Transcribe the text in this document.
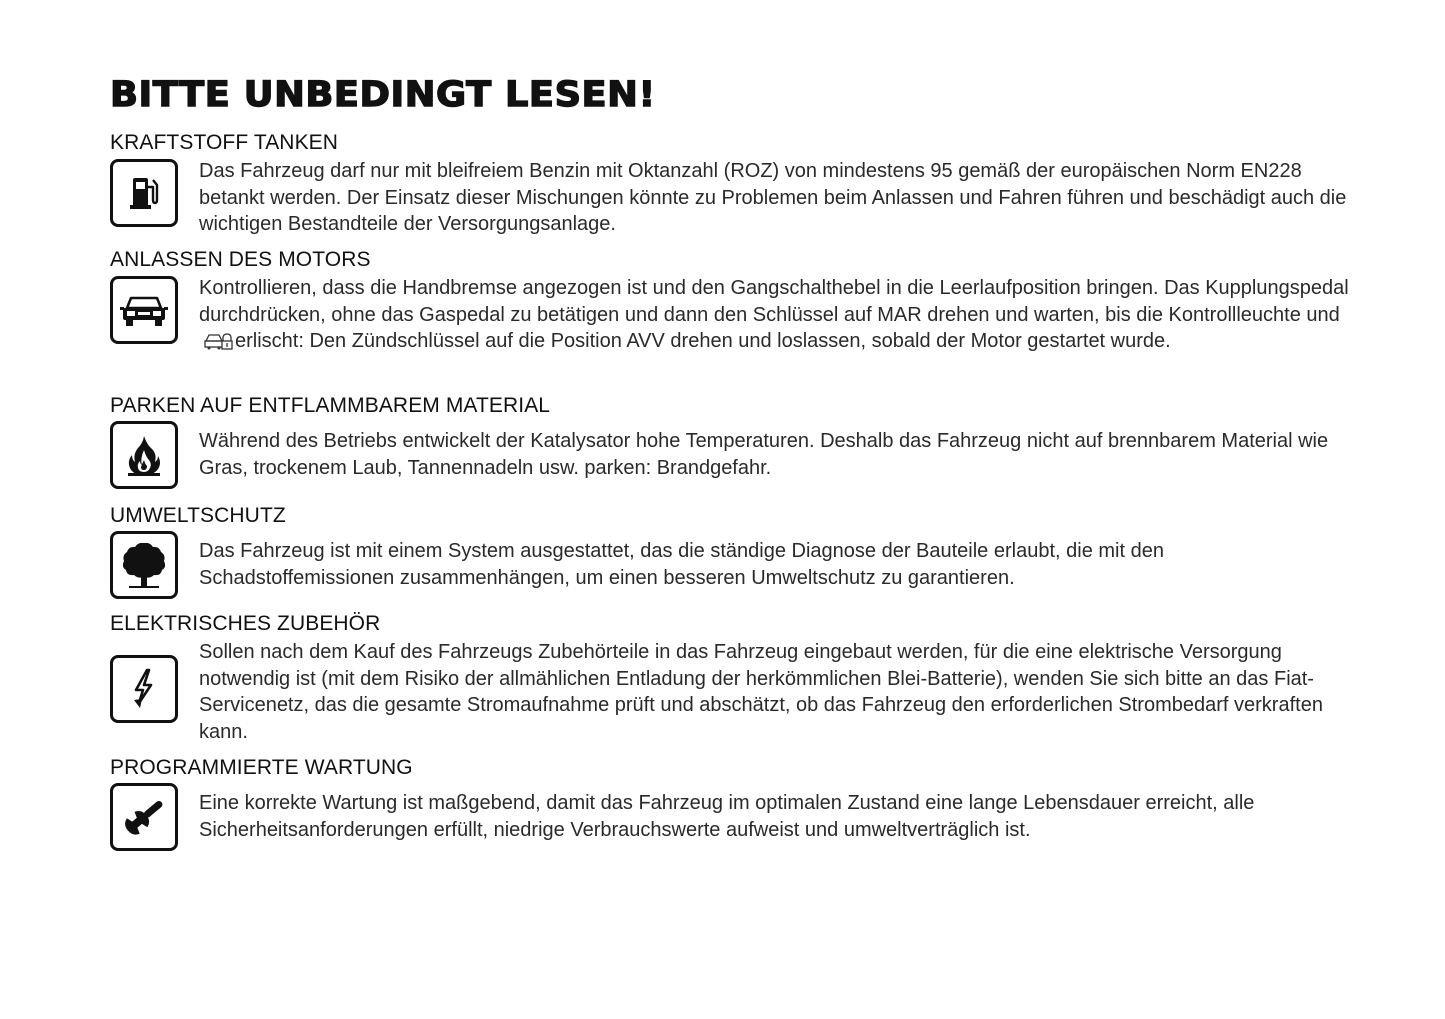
BITTE UNBEDINGT LESEN!
KRAFTSTOFF TANKEN

Das Fahrzeug darf nur mit bleifreiem Benzin mit Oktanzahl (ROZ) von mindestens 95 gemäß der europäischen Norm EN228 betankt werden. Der Einsatz dieser Mischungen könnte zu Problemen beim Anlassen und Fahren führen und beschädigt auch die wichtigen Bestandteile der Versorgungsanlage.

ANLASSEN DES MOTORS

Kontrollieren, dass die Handbremse angezogen ist und den Gangschalthebel in die Leerlaufposition bringen. Das Kupplungspedal durchdrücken, ohne das Gaspedal zu betätigen und dann den Schlüssel auf MAR drehen und warten, bis die Kontrollleuchte underlischt: Den Zündschlüssel auf die Position AVV drehen und loslassen, sobald der Motor gestartet wurde.

PARKEN AUF ENTFLAMMBAREM MATERIAL

Während des Betriebs entwickelt der Katalysator hohe Temperaturen. Deshalb das Fahrzeug nicht auf brennbarem Material wie Gras, trockenem Laub, Tannennadeln usw. parken: Brandgefahr.

UMWELTSCHUTZ

Das Fahrzeug ist mit einem System ausgestattet, das die ständige Diagnose der Bauteile erlaubt, die mit den Schadstoffemissionen zusammenhängen, um einen besseren Umweltschutz zu garantieren.

ELEKTRISCHES ZUBEHÖR

Sollen nach dem Kauf des Fahrzeugs Zubehörteile in das Fahrzeug eingebaut werden, für die eine elektrische Versorgung notwendig ist (mit dem Risiko der allmählichen Entladung der herkömmlichen Blei-Batterie), wenden Sie sich bitte an das Fiat-Servicenetz, das die gesamte Stromaufnahme prüft und abschätzt, ob das Fahrzeug den erforderlichen Strombedarf verkraften kann.

PROGRAMMIERTE WARTUNG

Eine korrekte Wartung ist maßgebend, damit das Fahrzeug im optimalen Zustand eine lange Lebensdauer erreicht, alle Sicherheitsanforderungen erfüllt, niedrige Verbrauchswerte aufweist und umweltverträglich ist.
